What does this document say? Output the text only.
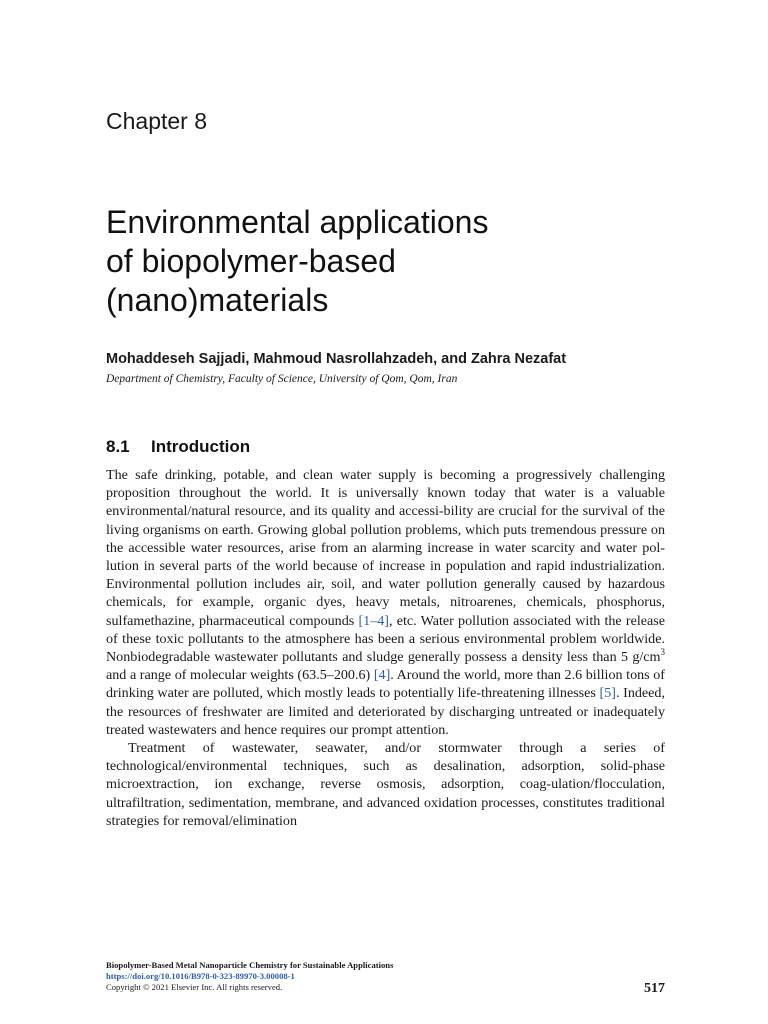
Chapter 8
Environmental applications
of biopolymer-based
(nano)materials

Mohaddeseh Sajjadi, Mahmoud Nasrollahzadeh, and Zahra Nezafat

Department of Chemistry, Faculty of Science, University of Qom, Qom, Iran

8.1 Introduction

The safe drinking, potable, and clean water supply is becoming a progressively challenging proposition throughout the world. It is universally known today that water is a valuable environmental/natural resource, and its quality and accessi-bility are crucial for the survival of the living organisms on earth. Growing global pollution problems, which puts tremendous pressure on the accessible water resources, arise from an alarming increase in water scarcity and water pol-lution in several parts of the world because of increase in population and rapid industrialization. Environmental pollution includes air, soil, and water pollution generally caused by hazardous chemicals, for example, organic dyes, heavy metals, nitroarenes, chemicals, phosphorus, sulfamethazine, pharmaceutical compounds [1–4], etc. Water pollution associated with the release of these toxic pollutants to the atmosphere has been a serious environmental problem worldwide. Nonbiodegradable wastewater pollutants and sludge generally possess a density less than 5 $g/cm^3$ and a range of molecular weights (63.5–200.6) [4]. Around the world, more than 2.6 billion tons of drinking water are polluted, which mostly leads to potentially life-threatening illnesses [5]. Indeed, the resources of freshwater are limited and deteriorated by discharging untreated or inadequately treated wastewaters and hence requires our prompt attention.

Treatment of wastewater, seawater, and/or stormwater through a series of technological/environmental techniques, such as desalination, adsorption, solid-phase microextraction, ion exchange, reverse osmosis, adsorption, coag-ulation/flocculation, ultrafiltration, sedimentation, membrane, and advanced oxidation processes, constitutes traditional strategies for removal/elimination

Biopolymer-Based Metal Nanoparticle Chemistry for Sustainable Applications
https://doi.org/10.1016/B978-0-323-89970-3.00008-1
Copyright © 2021 Elsevier Inc. All rights reserved.	517
